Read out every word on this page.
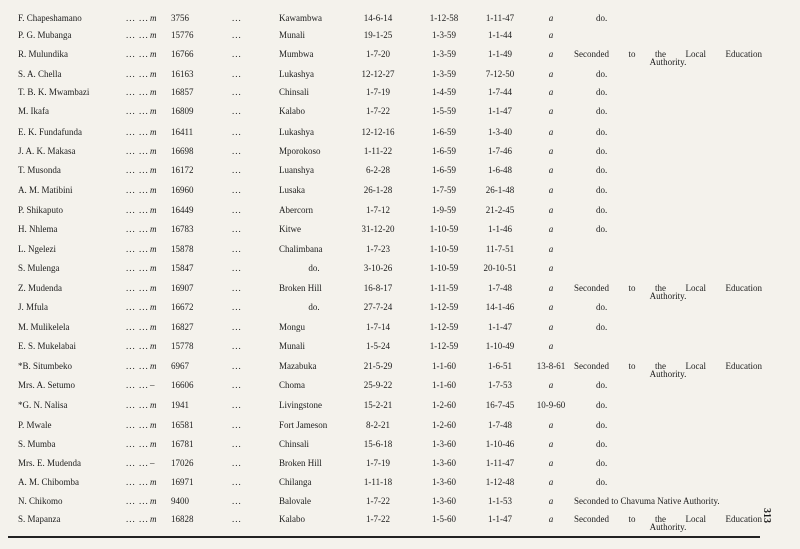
F. Chapeshamano	... ... m 3756	...	Kawambwa	14-6-14	1-12-58	1-11-47	a	do.
P. G. Mubanga	... ... m 15776	...	Munali	19-1-25	1-3-59	1-1-44	a
R. Mulundika	... ... m 16766	...	Mumbwa	1-7-20	1-3-59	1-1-49	a	Seconded to the Local Education
Authority.
S. A. Chella	... ... m 16163	...	Lukashya	12-12-27	1-3-59	7-12-50	a	do.
T. B. K. Mwambazi	... ... m 16857	...	Chinsali	1-7-19	1-4-59	1-7-44	a	do.
M. Ikafa	... ... m 16809	...	Kalabo	1-7-22	1-5-59	1-1-47	a	do.
E. K. Fundafunda	... ... m 16411	...	Lukashya	12-12-16	1-6-59	1-3-40	a	do.
J. A. K. Makasa	... ... m 16698	...	Mporokoso	1-11-22	1-6-59	1-7-46	a	do.
T. Musonda	... ... m 16172	...	Luanshya	6-2-28	1-6-59	1-6-48	a	do.
A. M. Matibini	... ... m 16960	...	Lusaka	26-1-28	1-7-59	26-1-48	a	do.
P. Shikaputo	... ... m 16449	...	Abercorn	1-7-12	1-9-59	21-2-45	a	do.
H. Nhlema	... ... m 16783	...	Kitwe	31-12-20	1-10-59	1-1-46	a	do.
L. Ngelezi	... ... m 15878	...	Chalimbana	1-7-23	1-10-59	11-7-51	a
S. Mulenga	... ... m 15847	...	do.	3-10-26	1-10-59	20-10-51	a
Z. Mudenda	... ... m 16907	...	Broken Hill	16-8-17	1-11-59	1-7-48	a	Seconded to the Local Education
Authority.
J. Mfula	... ... m 16672	...	do.	27-7-24	1-12-59	14-1-46	a	do.
M. Mulikelela	... ... m 16827	...	Mongu	1-7-14	1-12-59	1-1-47	a	do.
E. S. Mukelabai	... ... m 15778	...	Munali	1-5-24	1-12-59	1-10-49	a
*B. Situmbeko	... ... m 6967	...	Mazabuka	21-5-29	1-1-60	1-6-51	13-8-61 Seconded to the Local Education
Authority.
Mrs. A. Setumo	... ... – 16606	...	Choma	25-9-22	1-1-60	1-7-53	a	do.
*G. N. Nalisa	... ... m 1941	...	Livingstone	15-2-21	1-2-60	16-7-45	10-9-60	do.
P. Mwale	... ... m 16581	...	Fort Jameson	8-2-21	1-2-60	1-7-48	a	do.
S. Mumba	... ... m 16781	...	Chinsali	15-6-18	1-3-60	1-10-46	a	do.
Mrs. E. Mudenda	... ... – 17026	...	Broken Hill	1-7-19	1-3-60	1-11-47	a	do.
A. M. Chibomba	... ... m 16971	...	Chilanga	1-11-18	1-3-60	1-12-48	a	do.
N. Chikomo	... ... m 9400	...	Balovale	1-7-22	1-3-60	1-1-53	a	Seconded to Chavuma Native Authority.
S. Mapanza	... ... m 16828	...	Kalabo	1-7-22	1-5-60	1-1-47	a	Seconded to the Local Education
Authority.
313
